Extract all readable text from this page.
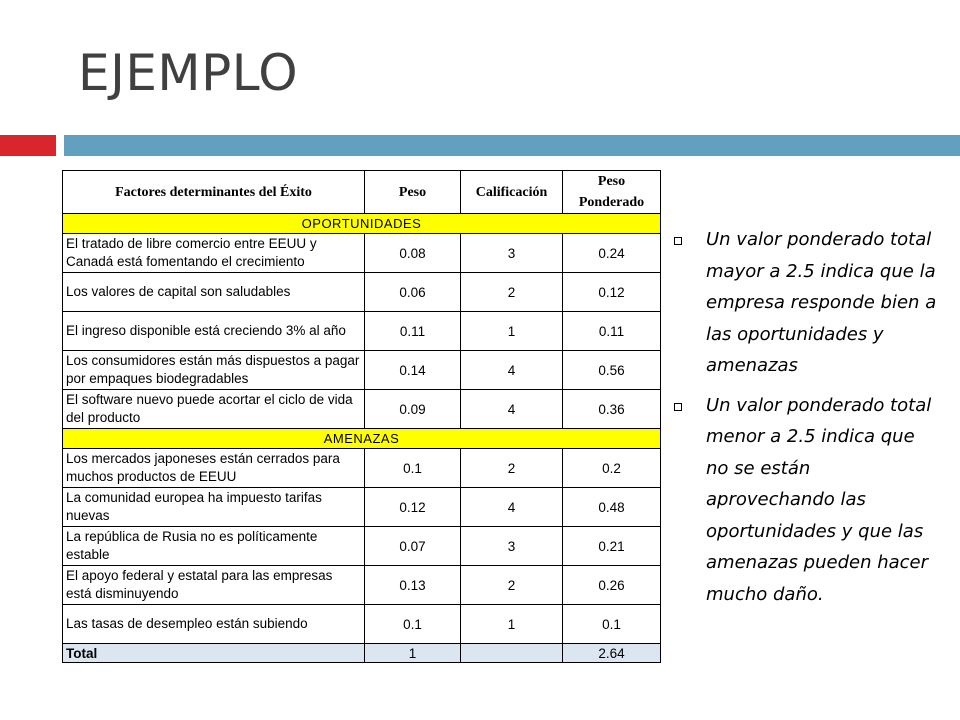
EJEMPLO
Factores determinantes del Éxito	Peso	Calificación	Peso Ponderado
OPORTUNIDADES			
El tratado de libre comercio entre EEUU y Canadá está fomentando el crecimiento	0.08	3	0.24
Los valores de capital son saludables	0.06	2	0.12
El ingreso disponible está creciendo 3% al año	0.11	1	0.11
Los consumidores están más dispuestos a pagar por empaques biodegradables	0.14	4	0.56
El software nuevo puede acortar el ciclo de vida del producto	0.09	4	0.36
AMENAZAS			
Los mercados japoneses están cerrados para muchos productos de EEUU	0.1	2	0.2
La comunidad europea ha impuesto tarifas nuevas	0.12	4	0.48
La república de Rusia no es políticamente estable	0.07	3	0.21
El apoyo federal y estatal para las empresas está disminuyendo	0.13	2	0.26
Las tasas de desempleo están subiendo	0.1	1	0.1
Total	1		2.64
Un valor ponderado total mayor a 2.5 indica que la empresa responde bien a las oportunidades y amenazas
Un valor ponderado total menor a 2.5 indica que no se están aprovechando las oportunidades y que las amenazas pueden hacer mucho daño.
